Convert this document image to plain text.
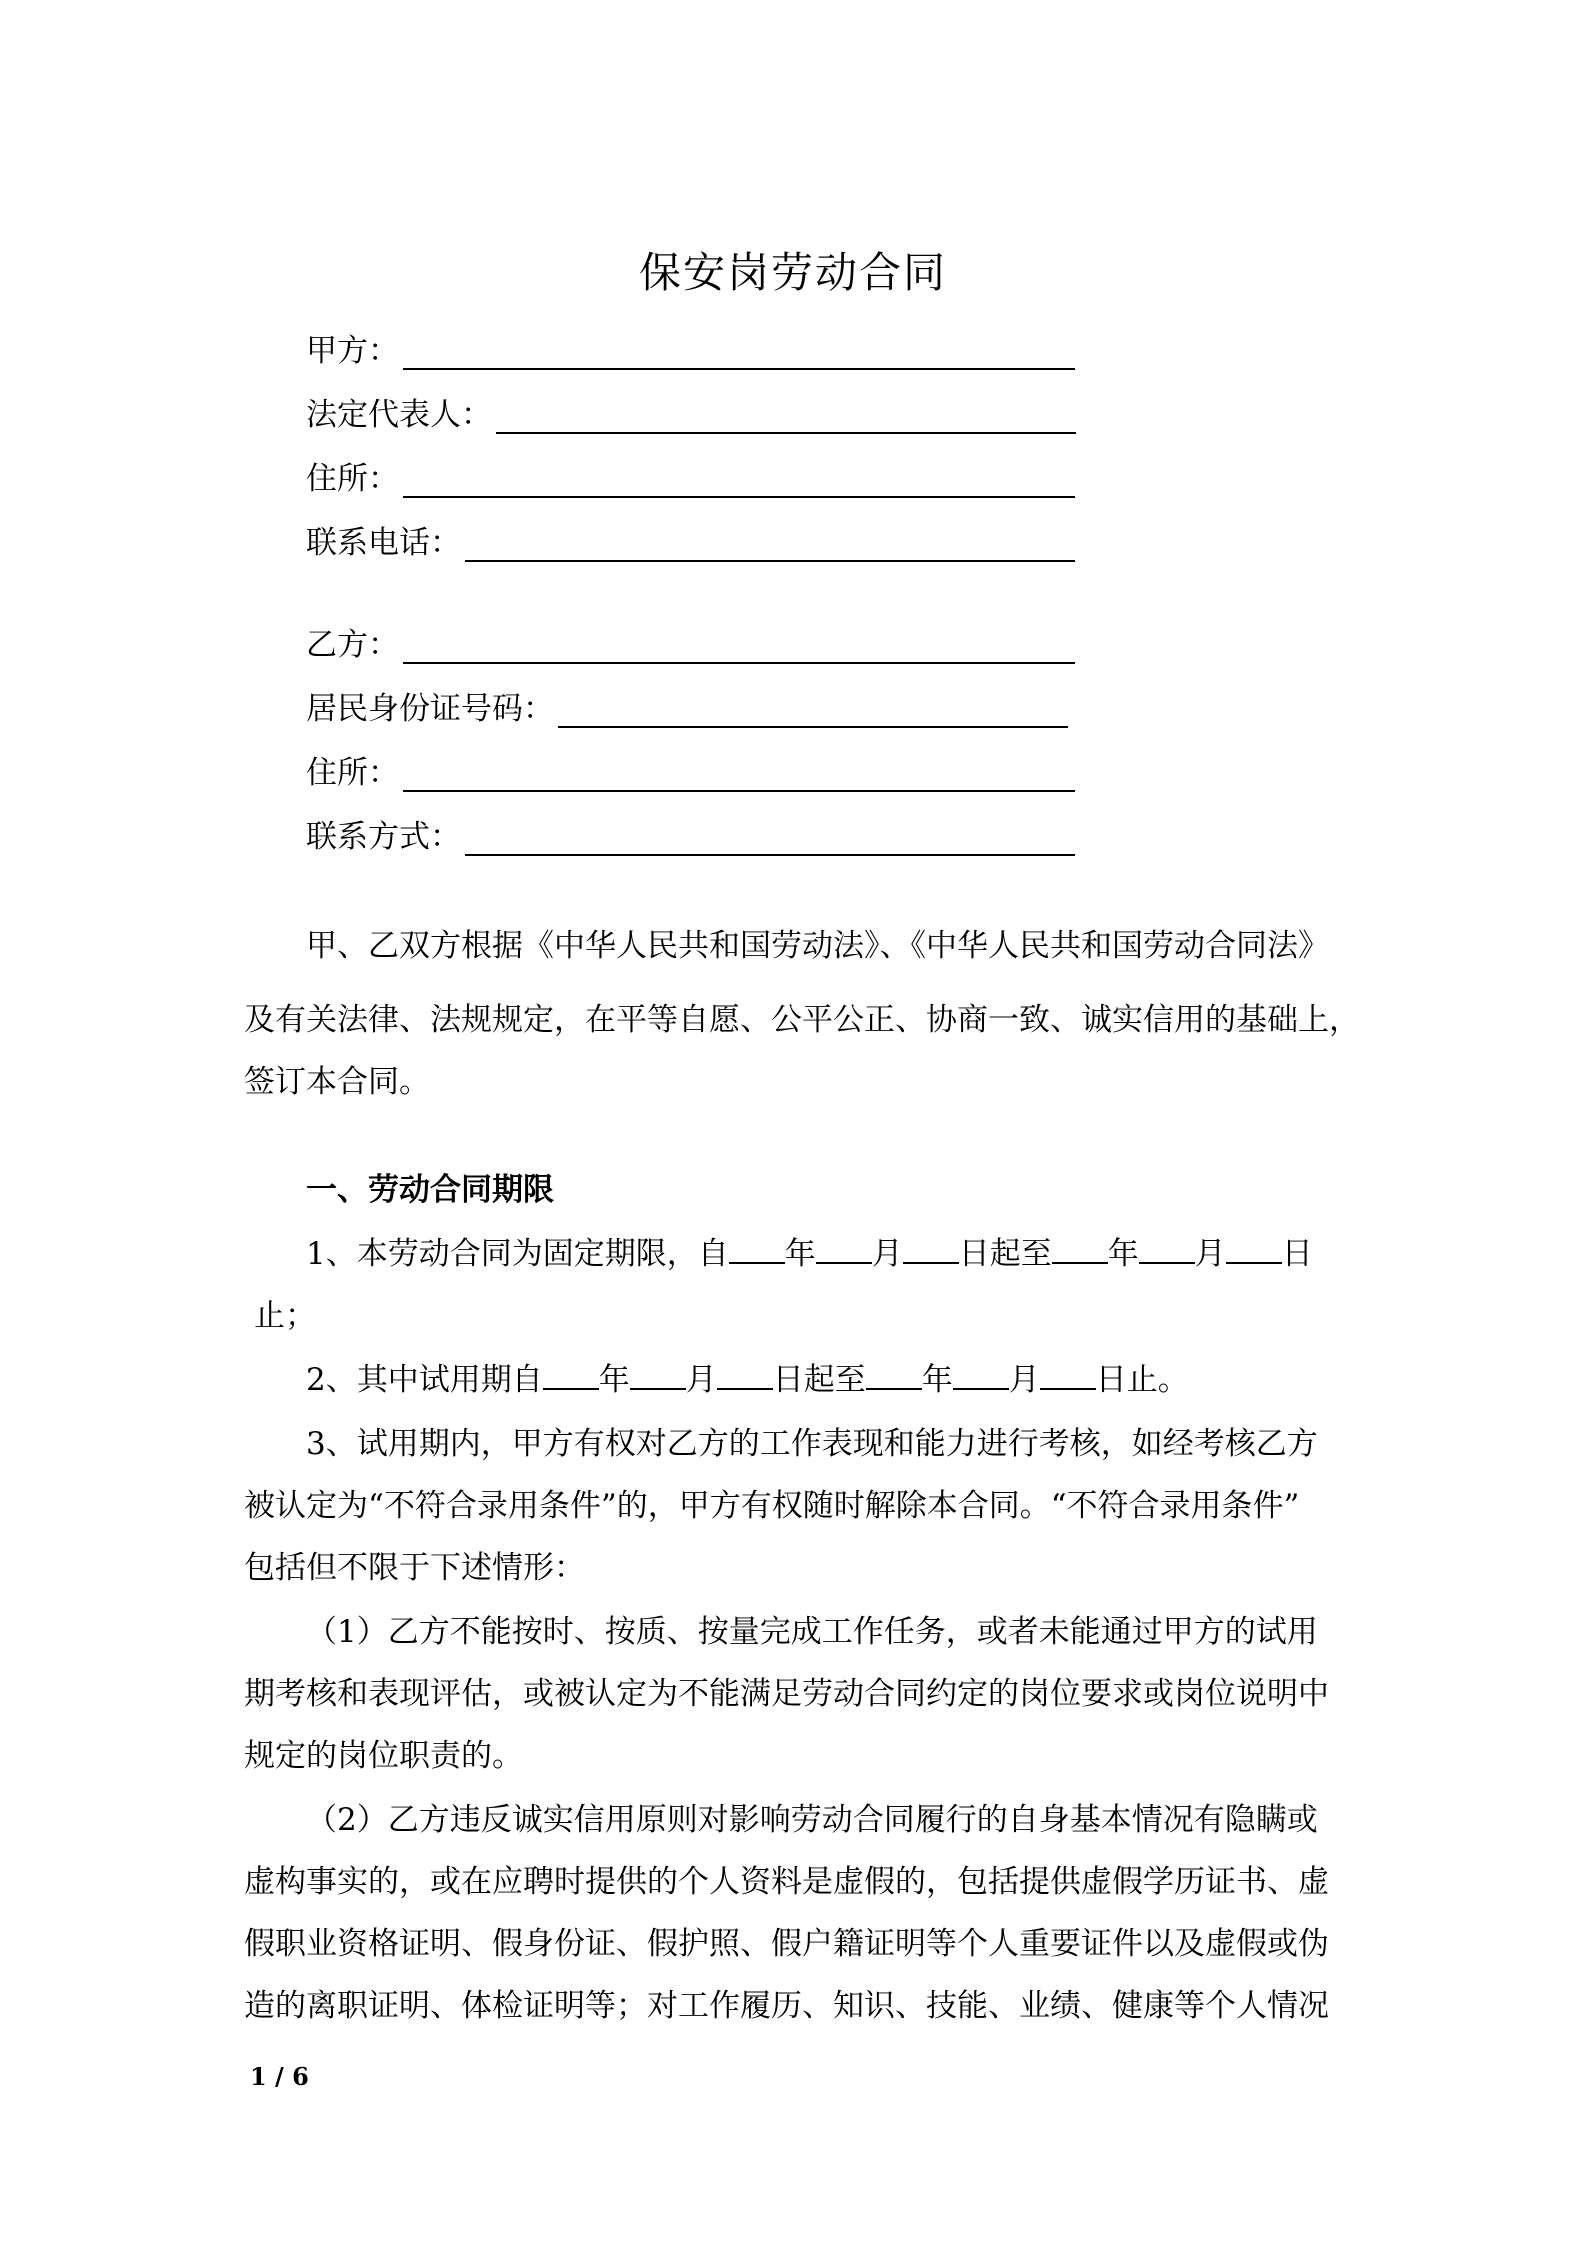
保安岗劳动合同
甲方：
法定代表人：
住所：
联系电话：
乙方：
居民身份证号码：
住所：
联系方式：
甲、乙双方根据《中华人民共和国劳动法》、《中华人民共和国劳动合同法》
及有关法律、法规规定，在平等自愿、公平公正、协商一致、诚实信用的基础上，
签订本合同。
一、劳动合同期限
1、本劳动合同为固定期限，自 年 月 日起至 年 月 日
止；
2、其中试用期自 年 月 日起至 年 月 日止。
3、试用期内，甲方有权对乙方的工作表现和能力进行考核，如经考核乙方
被认定为“不符合录用条件”的，甲方有权随时解除本合同。“不符合录用条件”
包括但不限于下述情形：
（1）乙方不能按时、按质、按量完成工作任务，或者未能通过甲方的试用
期考核和表现评估，或被认定为不能满足劳动合同约定的岗位要求或岗位说明中
规定的岗位职责的。
（2）乙方违反诚实信用原则对影响劳动合同履行的自身基本情况有隐瞒或
虚构事实的，或在应聘时提供的个人资料是虚假的，包括提供虚假学历证书、虚
假职业资格证明、假身份证、假护照、假户籍证明等个人重要证件以及虚假或伪
造的离职证明、体检证明等；对工作履历、知识、技能、业绩、健康等个人情况
1 / 6
